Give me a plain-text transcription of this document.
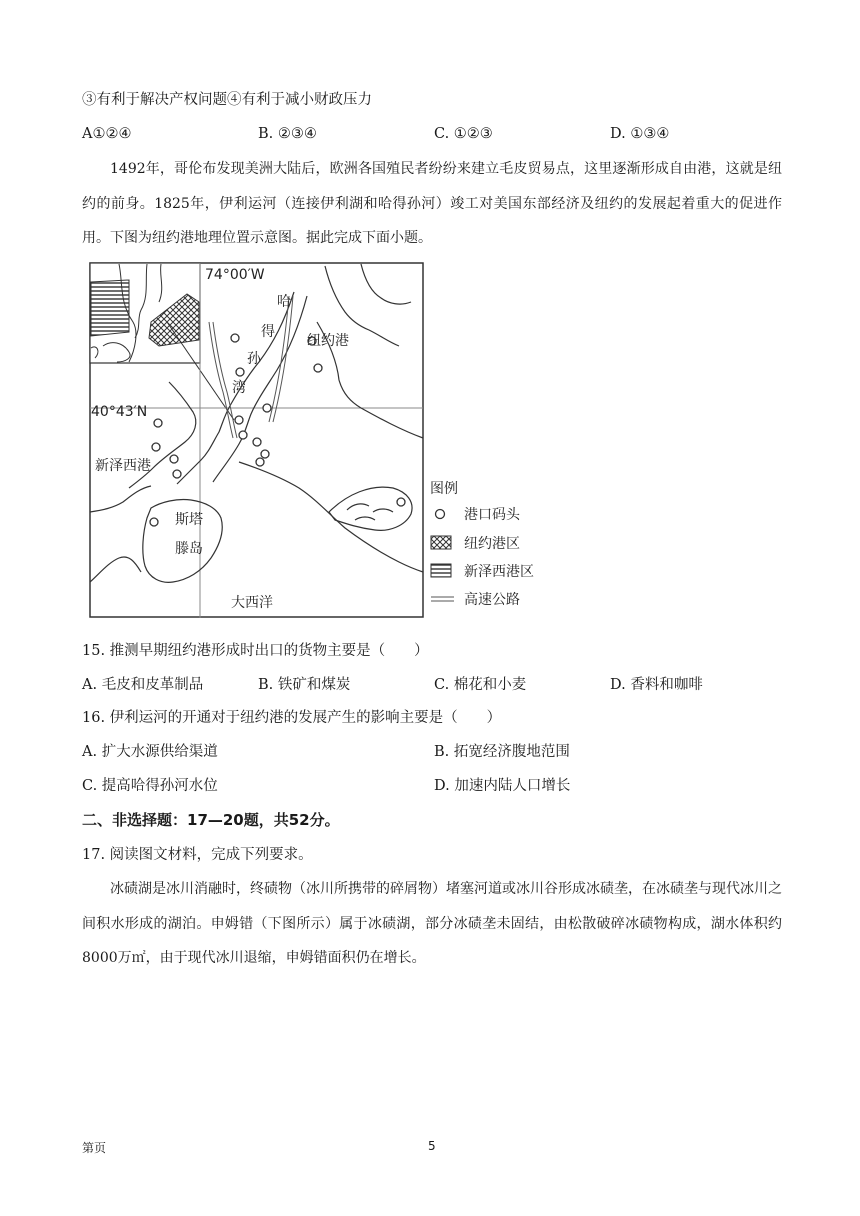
③有利于解决产权问题④有利于减小财政压力
A①②④	B. ②③④	C. ①②③	D. ①③④
1492年，哥伦布发现美洲大陆后，欧洲各国殖民者纷纷来建立毛皮贸易点，这里逐渐形成自由港，这就是纽约的前身。1825年，伊利运河（连接伊利湖和哈得孙河）竣工对美国东部经济及纽约的发展起着重大的促进作用。下图为纽约港地理位置示意图。据此完成下面小题。
74°00′W
40°43′N
哈
得
孙
湾
纽约港
新泽西港
斯塔
滕岛
大西洋
图例
港口码头
纽约港区
新泽西港区
高速公路
15. 推测早期纽约港形成时出口的货物主要是（　　）
A. 毛皮和皮革制品	B. 铁矿和煤炭	C. 棉花和小麦	D. 香料和咖啡
16. 伊利运河的开通对于纽约港的发展产生的影响主要是（　　）
A. 扩大水源供给渠道	B. 拓宽经济腹地范围
C. 提高哈得孙河水位	D. 加速内陆人口增长
二、非选择题：17—20题，共52分。
17. 阅读图文材料，完成下列要求。
冰碛湖是冰川消融时，终碛物（冰川所携带的碎屑物）堵塞河道或冰川谷形成冰碛垄，在冰碛垄与现代冰川之间积水形成的湖泊。申姆错（下图所示）属于冰碛湖，部分冰碛垄未固结，由松散破碎冰碛物构成，湖水体积约8000万㎡，由于现代冰川退缩，申姆错面积仍在增长。
第页	5
